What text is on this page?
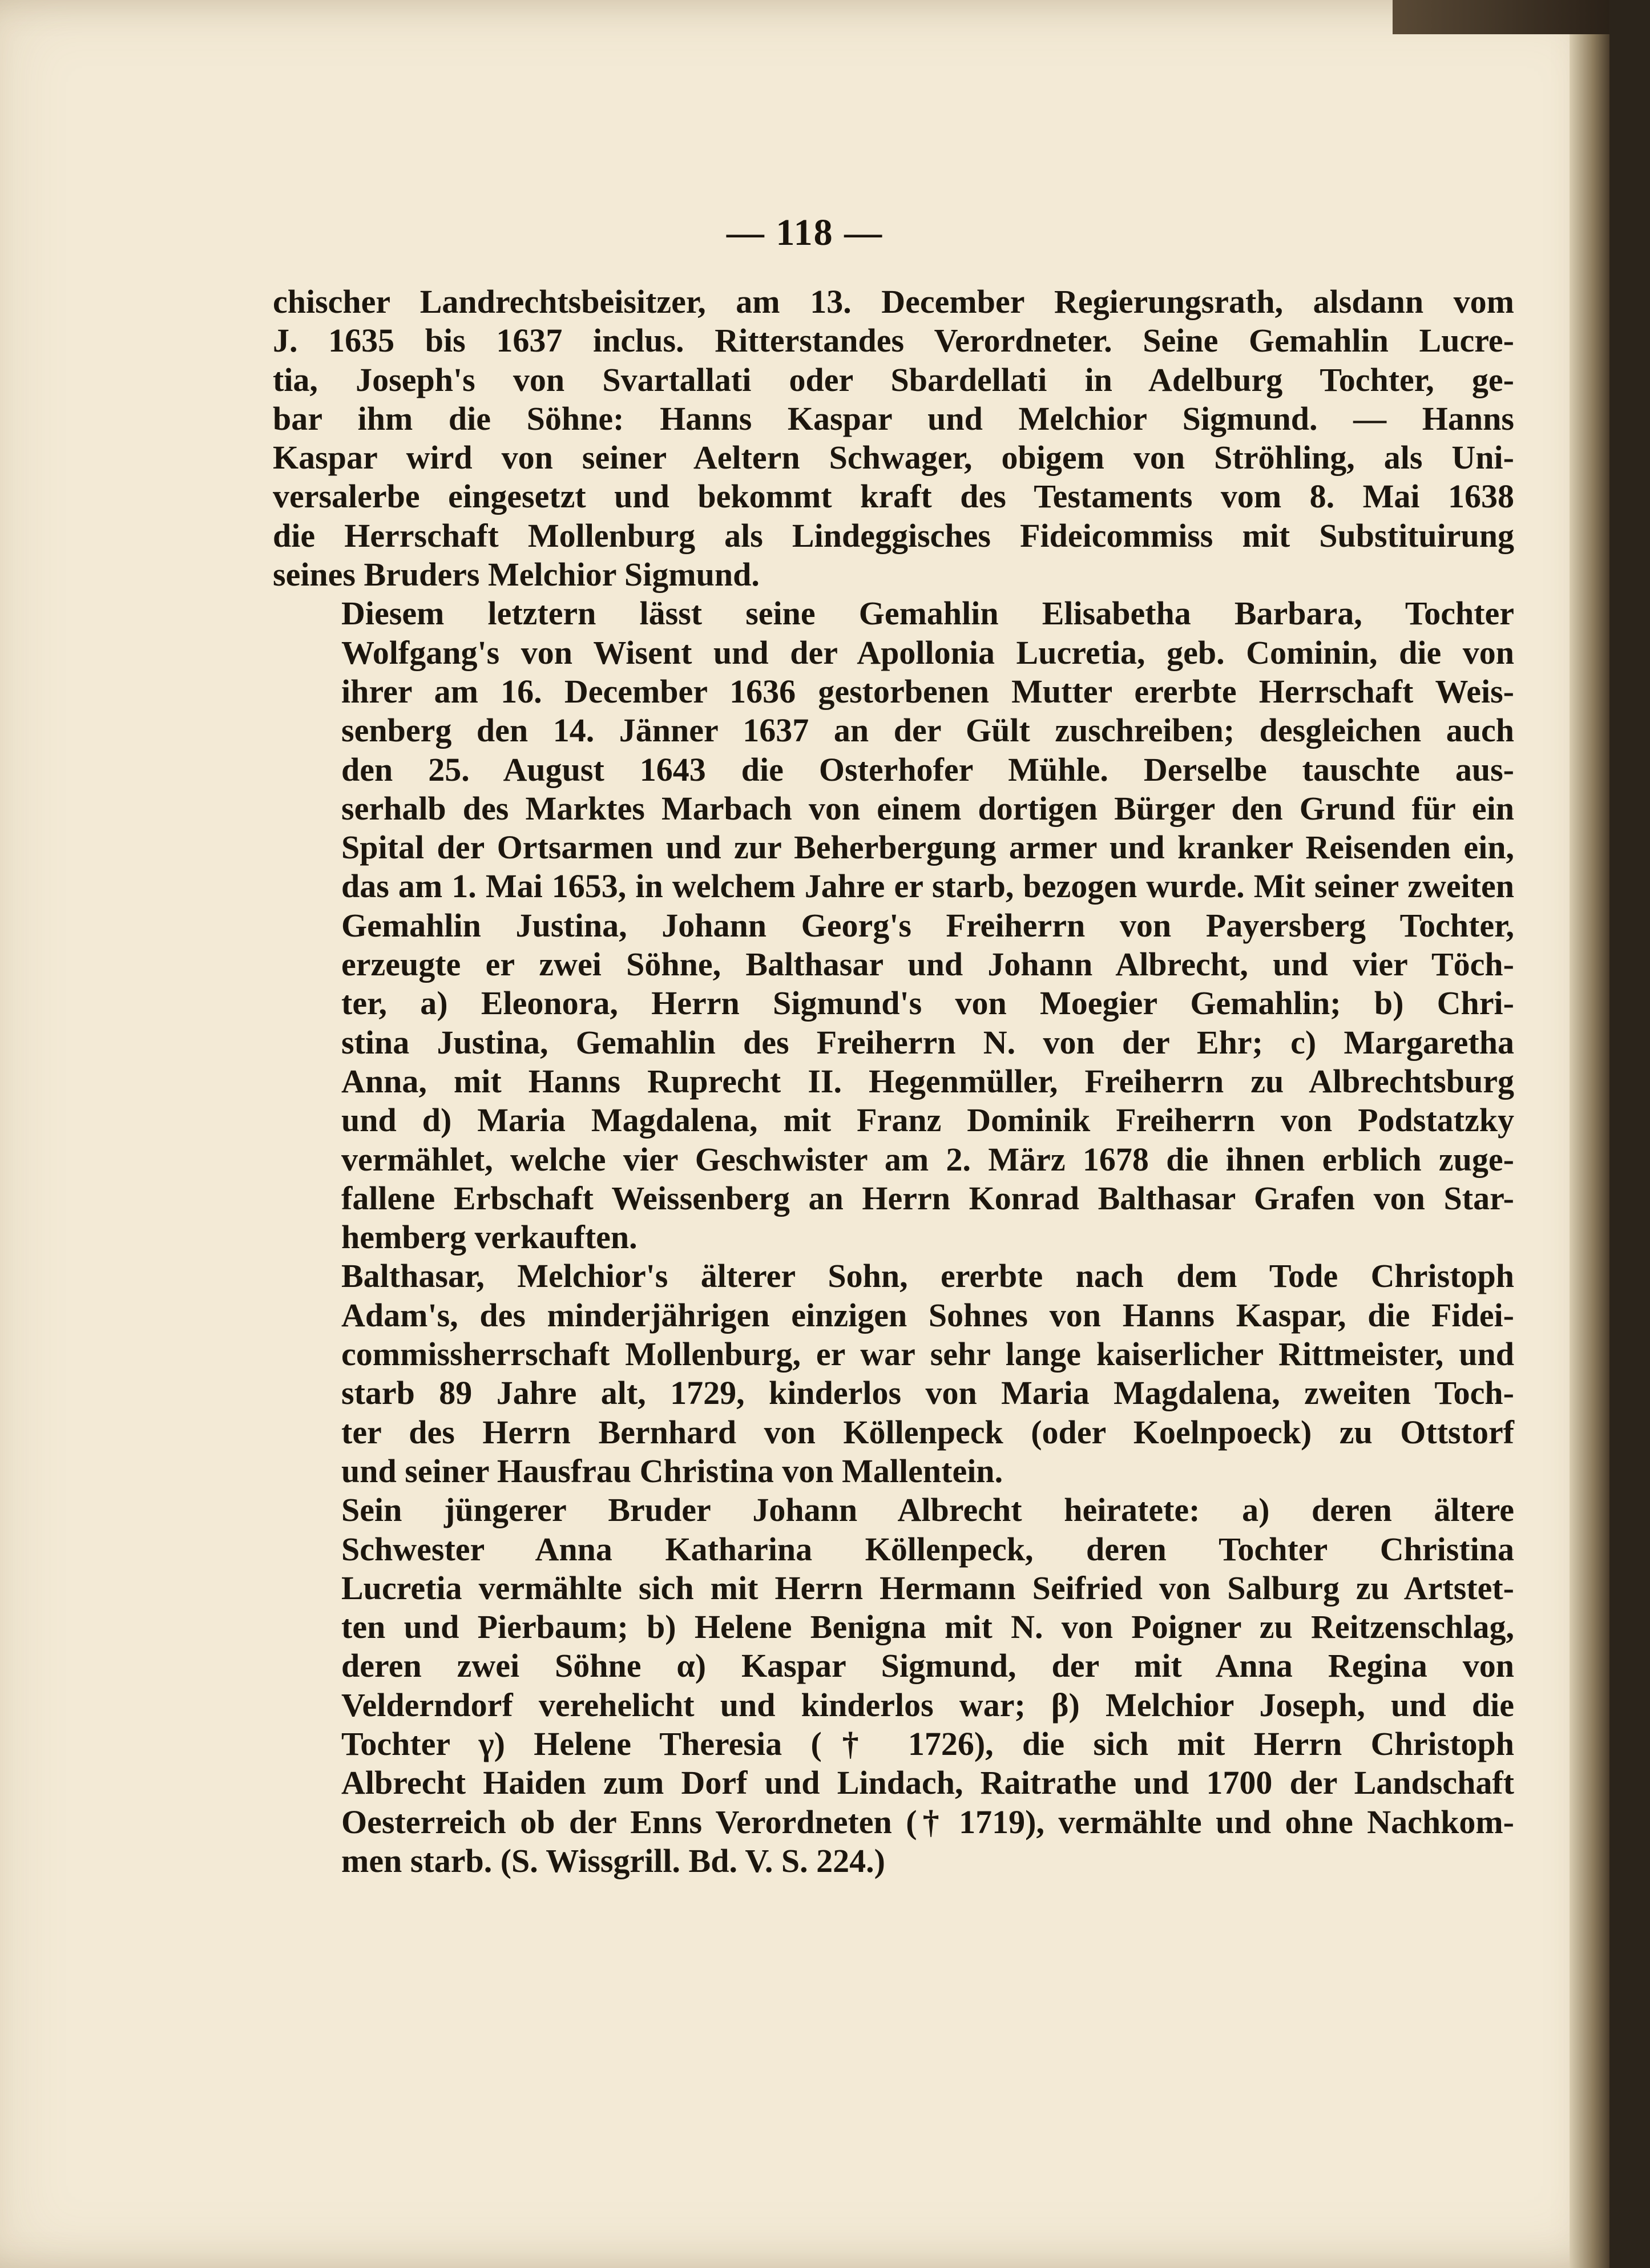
— 118 —

chischer Landrechtsbeisitzer, am 13. December Regierungsrath, alsdann vom
J. 1635 bis 1637 inclus. Ritterstandes Verordneter. Seine Gemahlin Lucre-
tia, Joseph's von Svartallati oder Sbardellati in Adelburg Tochter, ge-
bar ihm die Söhne: Hanns Kaspar und Melchior Sigmund. — Hanns
Kaspar wird von seiner Aeltern Schwager, obigem von Ströhling, als Uni-
versalerbe eingesetzt und bekommt kraft des Testaments vom 8. Mai 1638
die Herrschaft Mollenburg als Lindeggisches Fideicommiss mit Substituirung
seines Bruders Melchior Sigmund.

Diesem letztern lässt seine Gemahlin Elisabetha Barbara, Tochter
Wolfgang's von Wisent und der Apollonia Lucretia, geb. Cominin, die von
ihrer am 16. December 1636 gestorbenen Mutter ererbte Herrschaft Weis-
senberg den 14. Jänner 1637 an der Gült zuschreiben; desgleichen auch
den 25. August 1643 die Osterhofer Mühle. Derselbe tauschte aus-
serhalb des Marktes Marbach von einem dortigen Bürger den Grund für ein
Spital der Ortsarmen und zur Beherbergung armer und kranker Reisenden ein,
das am 1. Mai 1653, in welchem Jahre er starb, bezogen wurde. Mit seiner zweiten
Gemahlin Justina, Johann Georg's Freiherrn von Payersberg Tochter,
erzeugte er zwei Söhne, Balthasar und Johann Albrecht, und vier Töch-
ter, a) Eleonora, Herrn Sigmund's von Moegier Gemahlin; b) Chri-
stina Justina, Gemahlin des Freiherrn N. von der Ehr; c) Margaretha
Anna, mit Hanns Ruprecht II. Hegenmüller, Freiherrn zu Albrechtsburg
und d) Maria Magdalena, mit Franz Dominik Freiherrn von Podstatzky
vermählet, welche vier Geschwister am 2. März 1678 die ihnen erblich zuge-
fallene Erbschaft Weissenberg an Herrn Konrad Balthasar Grafen von Star-
hemberg verkauften.

Balthasar, Melchior's älterer Sohn, ererbte nach dem Tode Christoph
Adam's, des minderjährigen einzigen Sohnes von Hanns Kaspar, die Fidei-
commissherrschaft Mollenburg, er war sehr lange kaiserlicher Rittmeister, und
starb 89 Jahre alt, 1729, kinderlos von Maria Magdalena, zweiten Toch-
ter des Herrn Bernhard von Köllenpeck (oder Koelnpoeck) zu Ottstorf
und seiner Hausfrau Christina von Mallentein.

Sein jüngerer Bruder Johann Albrecht heiratete: a) deren ältere
Schwester Anna Katharina Köllenpeck, deren Tochter Christina
Lucretia vermählte sich mit Herrn Hermann Seifried von Salburg zu Artstet-
ten und Pierbaum; b) Helene Benigna mit N. von Poigner zu Reitzenschlag,
deren zwei Söhne α) Kaspar Sigmund, der mit Anna Regina von
Velderndorf verehelicht und kinderlos war; β) Melchior Joseph, und die
Tochter γ) Helene Theresia († 1726), die sich mit Herrn Christoph
Albrecht Haiden zum Dorf und Lindach, Raitrathe und 1700 der Landschaft
Oesterreich ob der Enns Verordneten († 1719), vermählte und ohne Nachkom-
men starb. (S. Wissgrill. Bd. V. S. 224.)
